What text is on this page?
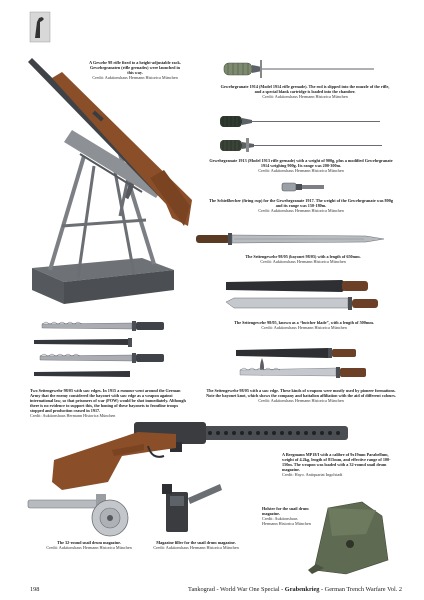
A Gewehr 98 rifle fixed to a height-adjustable rack. Gewehrgranaten (rifle grenades) were launched in this way.
Credit: Auktionshaus Hermann Historica München
Gewehrgranate 1914 (Model 1914 rifle grenade). The rod is slipped into the muzzle of the rifle, and a special blank cartridge is loaded into the chamber.
Credit: Auktionshaus Hermann Historica München
Gewehrgranate 1913 (Model 1913 rifle grenade) with a weight of 900g, plus a modified Gewehrgranate 1914 weighing 900g. Its range was 200-300m.
Credit: Auktionshaus Hermann Historica München
The Schießbecher (firing cup) for the Gewehrgranate 1917. The weight of the Gewehrgranate was 800g and its range was 150-180m.
Credit: Auktionshaus Hermann Historica München
The Seitengewehr 98/05 (bayonet 98/05) with a length of 650mm.
Credit: Auktionshaus Hermann Historica München
The Seitengewehr 98/05, known as a “butcher blade”, with a length of 500mm.
Credit: Auktionshaus Hermann Historica München
Two Seitengewehr 98/05 with saw edges. In 1915 a rumour went around the German Army that the enemy considered the bayonet with saw edge as a weapon against international law, so that prisoners of war (POW) would be shot immediately. Although there is no evidence to support this, the honing of these bayonets to frontline troops stopped and production ceased in 1917.
Credit: Auktionshaus Hermann Historica München
The Seitengewehr 98/05 with a saw edge. These kinds of weapons were mostly used by pioneer formations. Note the bayonet knot, which shows the company and battalion affiliation with the aid of different colours.
Credit: Auktionshaus Hermann Historica München
A Bergmann MP18/I with a calibre of 9x19mm Parabellum, weight of 4.2kg, length of 815mm, and effective range of 100-150m. The weapon was loaded with a 32-round snail drum magazine.
Credit: Hayo. Antiquariat Ingolstadt
Holster for the snail drum magazine.
Credit: Auktionshaus Hermann Historica München
The 32-round snail drum magazine.
Credit: Auktionshaus Hermann Historica München
Magazine filler for the snail drum magazine.
Credit: Auktionshaus Hermann Historica München
198	Tankograd - World War One Special - Grabenkrieg - German Trench Warfare Vol. 2
